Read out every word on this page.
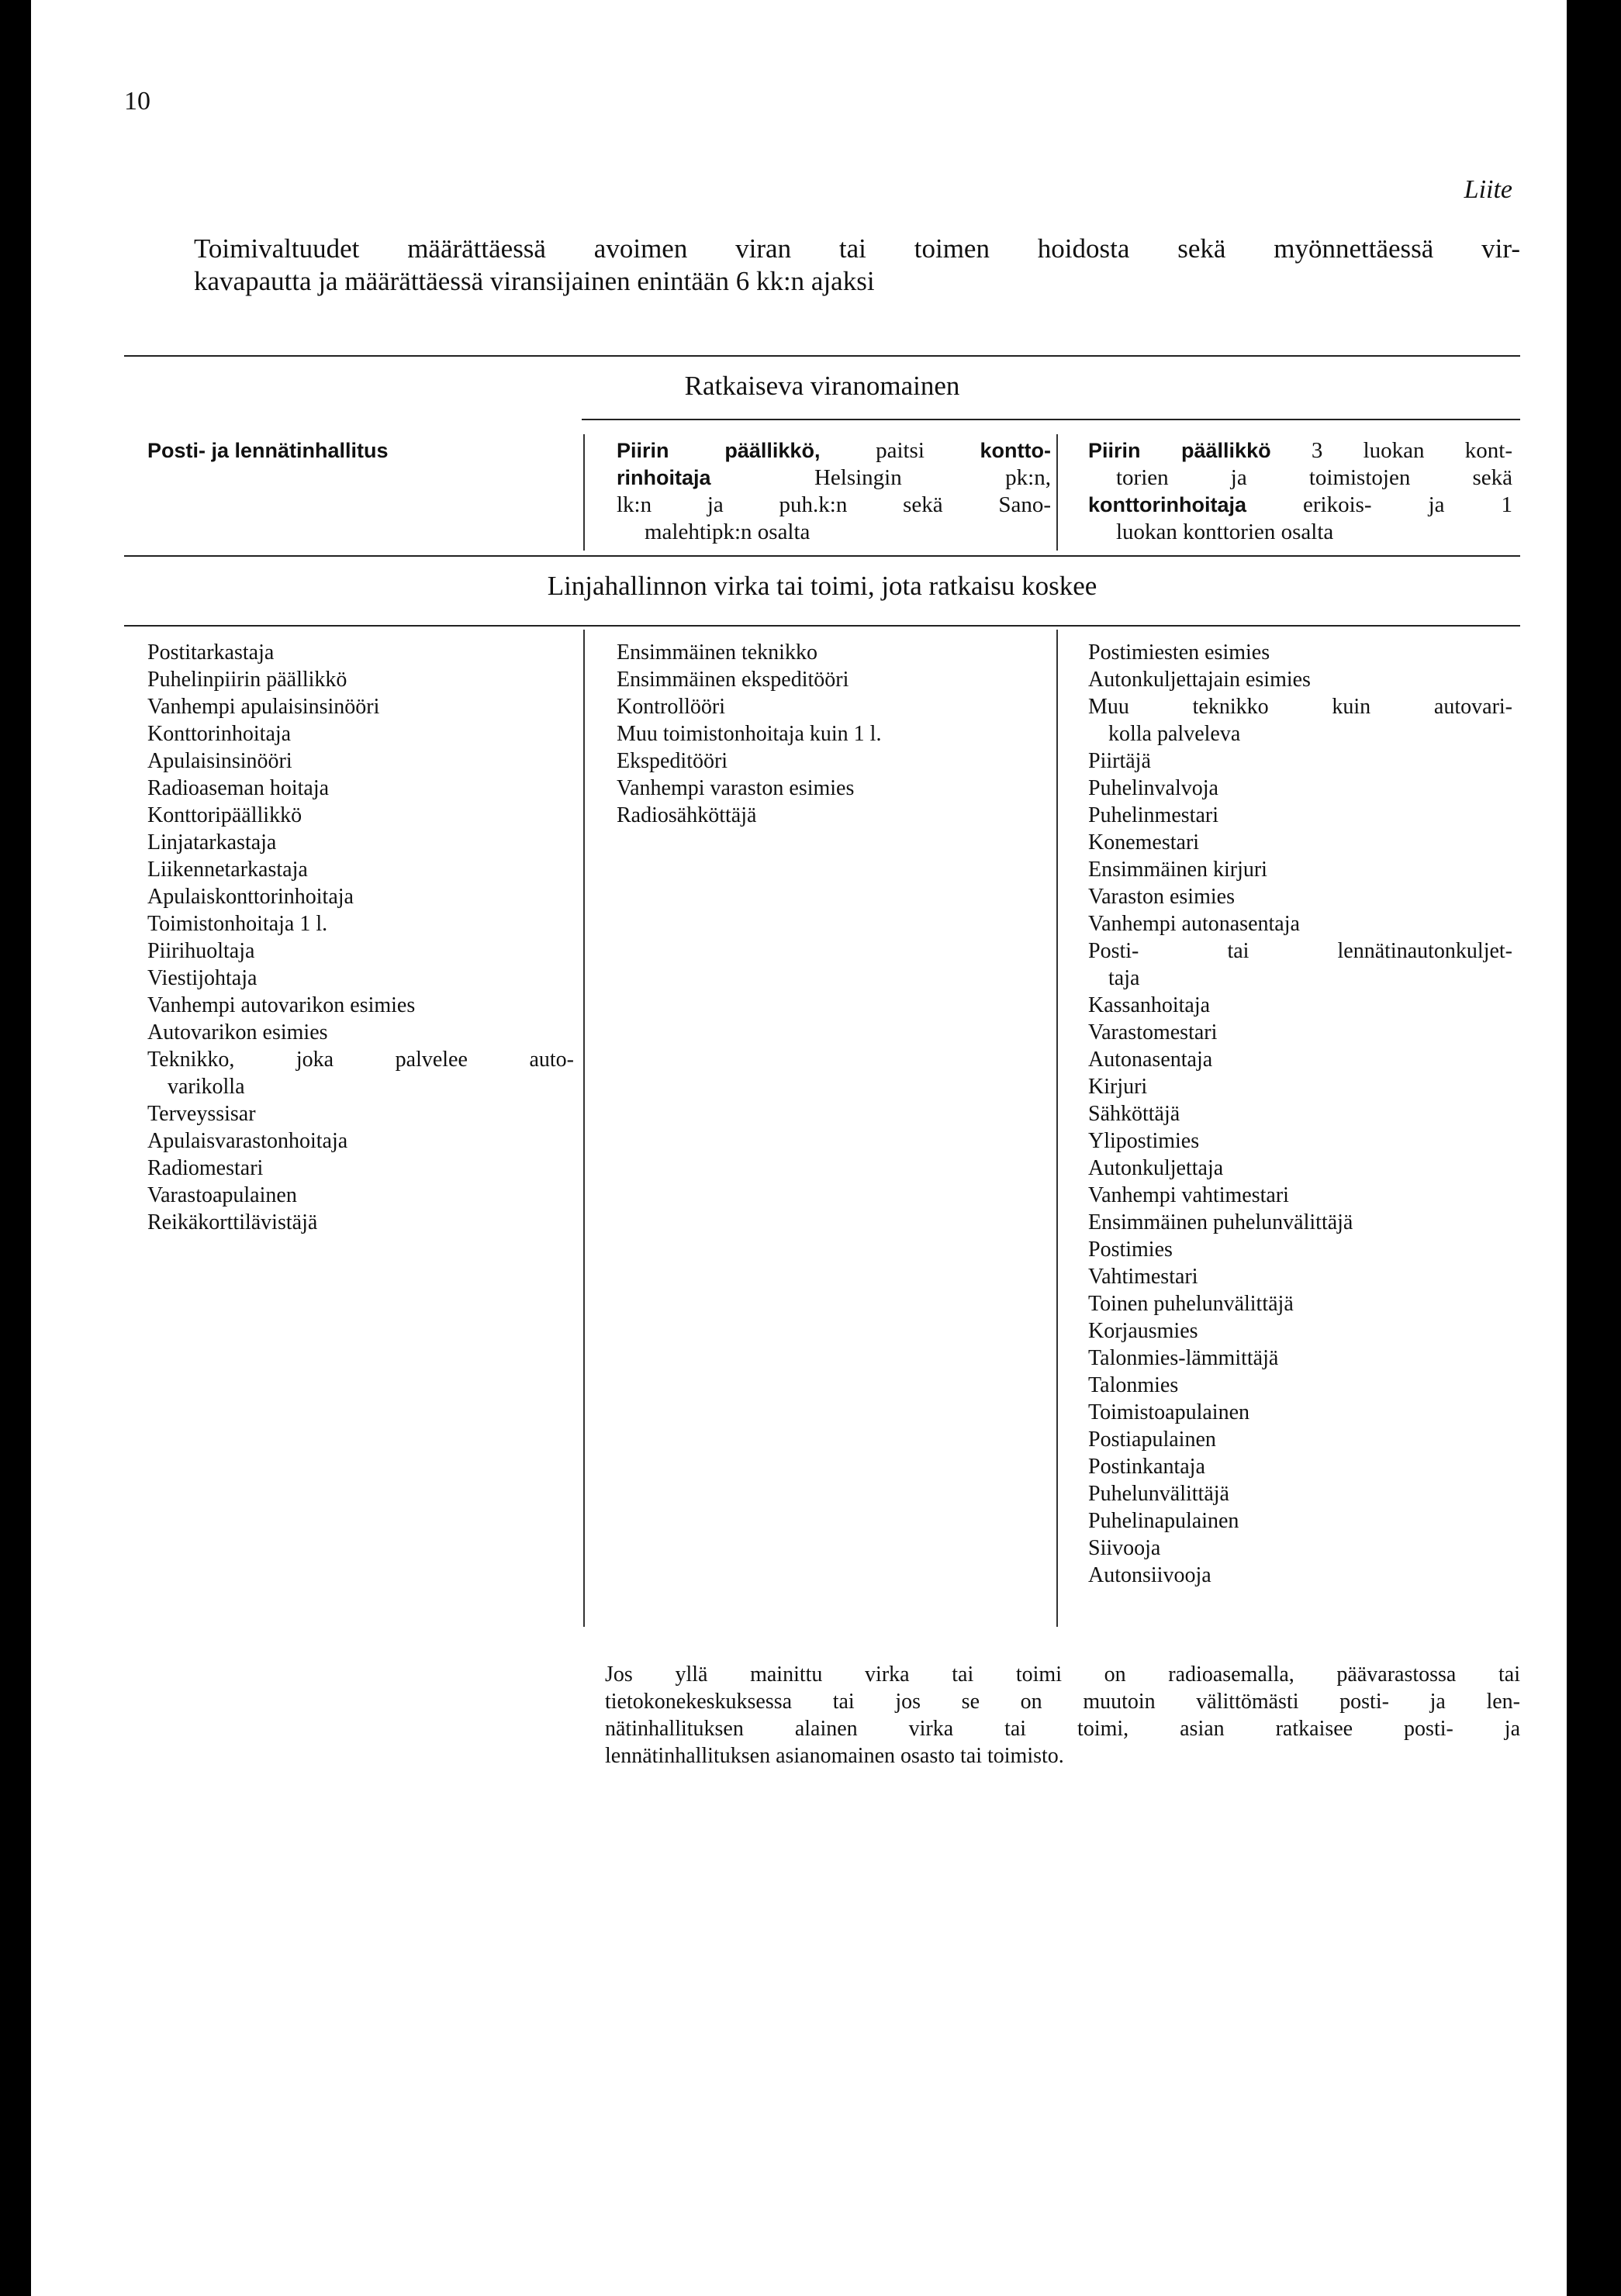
10
Liite
Toimivaltuudet määrättäessä avoimen viran tai toimen hoidosta sekä myönnettäessä vir-
kavapautta ja määrättäessä viransijainen enintään 6 kk:n ajaksi
Ratkaiseva viranomainen
Posti- ja lennätinhallitus	Piirin päällikkö, paitsi kontto-
rinhoitaja Helsingin pk:n,
lk:n ja puh.k:n sekä Sano-
malehtipk:n osalta
Piirin päällikkö 3 luokan kont-
torien ja toimistojen sekä
konttorinhoitaja erikois- ja 1
luokan konttorien osalta
Linjahallinnon virka tai toimi, jota ratkaisu koskee
Postitarkastaja
Puhelinpiirin päällikkö
Vanhempi apulaisinsinööri
Konttorinhoitaja
Apulaisinsinööri
Radioaseman hoitaja
Konttoripäällikkö
Linjatarkastaja
Liikennetarkastaja
Apulaiskonttorinhoitaja
Toimistonhoitaja 1 l.
Piirihuoltaja
Viestijohtaja
Vanhempi autovarikon esimies
Autovarikon esimies
Teknikko, joka palvelee auto-
varikolla
Terveyssisar
Apulaisvarastonhoitaja
Radiomestari
Varastoapulainen
Reikäkorttilävistäjä
Ensimmäinen teknikko
Ensimmäinen ekspeditööri
Kontrollööri
Muu toimistonhoitaja kuin 1 l.
Ekspeditööri
Vanhempi varaston esimies
Radiosähköttäjä
Postimiesten esimies
Autonkuljettajain esimies
Muu teknikko kuin autovari-
kolla palveleva
Piirtäjä
Puhelinvalvoja
Puhelinmestari
Konemestari
Ensimmäinen kirjuri
Varaston esimies
Vanhempi autonasentaja
Posti- tai lennätinautonkuljet-
taja
Kassanhoitaja
Varastomestari
Autonasentaja
Kirjuri
Sähköttäjä
Ylipostimies
Autonkuljettaja
Vanhempi vahtimestari
Ensimmäinen puhelunvälittäjä
Postimies
Vahtimestari
Toinen puhelunvälittäjä
Korjausmies
Talonmies-lämmittäjä
Talonmies
Toimistoapulainen
Postiapulainen
Postinkantaja
Puhelunvälittäjä
Puhelinapulainen
Siivooja
Autonsiivooja
Jos yllä mainittu virka tai toimi on radioasemalla, päävarastossa tai
tietokonekeskuksessa tai jos se on muutoin välittömästi posti- ja len-
nätinhallituksen alainen virka tai toimi, asian ratkaisee posti- ja
lennätinhallituksen asianomainen osasto tai toimisto.
